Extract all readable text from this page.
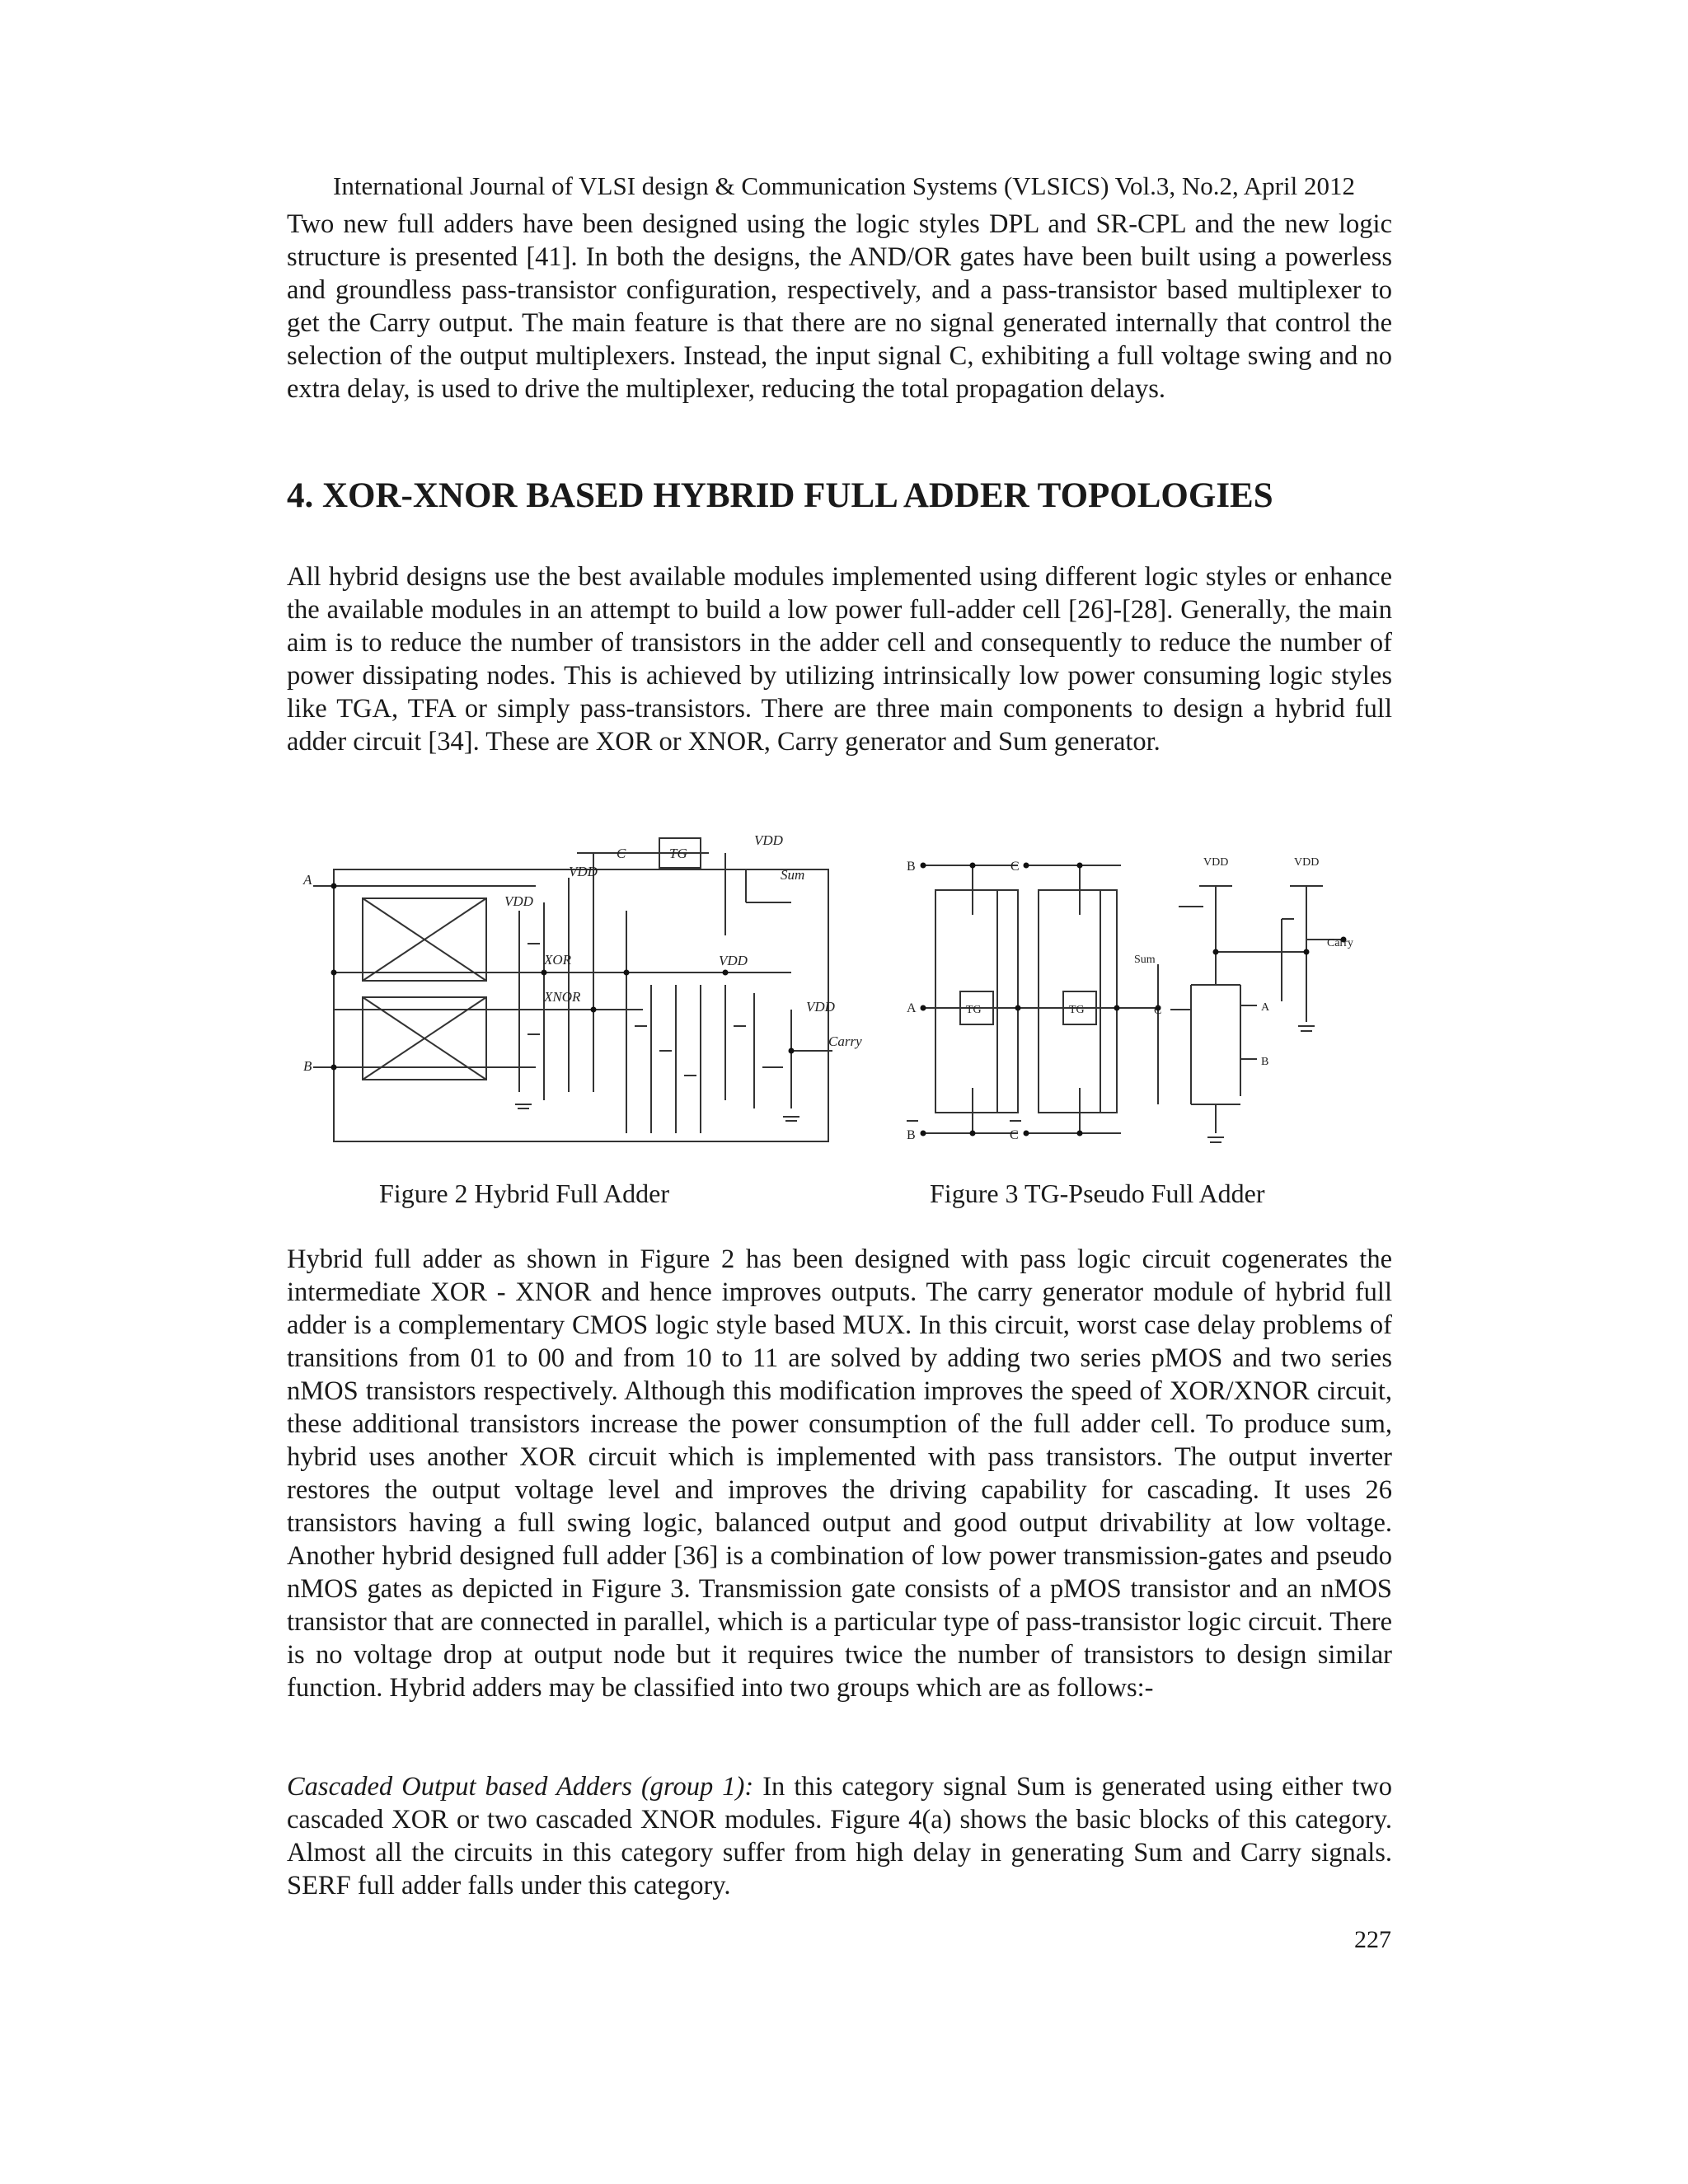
International Journal of VLSI design & Communication Systems (VLSICS) Vol.3, No.2, April 2012

Two new full adders have been designed using the logic styles DPL and SR-CPL and the new logic structure is presented [41]. In both the designs, the AND/OR gates have been built using a powerless and groundless pass-transistor configuration, respectively, and a pass-transistor based multiplexer to get the Carry output. The main feature is that there are no signal generated internally that control the selection of the output multiplexers. Instead, the input signal C, exhibiting a full voltage swing and no extra delay, is used to drive the multiplexer, reducing the total propagation delays.

4. XOR-XNOR BASED HYBRID FULL ADDER TOPOLOGIES

All hybrid designs use the best available modules implemented using different logic styles or enhance the available modules in an attempt to build a low power full-adder cell [26]-[28]. Generally, the main aim is to reduce the number of transistors in the adder cell and consequently to reduce the number of power dissipating nodes. This is achieved by utilizing intrinsically low power consuming logic styles like TGA, TFA or simply pass-transistors. There are three main components to design a hybrid full adder circuit [34]. These are XOR or XNOR, Carry generator and Sum generator.

A
B
C	TG
VDD
VDD
VDD
VDD
VDD
XOR
XNOR
Sum
Carry
B	C
A
B	C
TG	TG
Sum
VDD	VDD
Carry
C	A
B
Figure 2 Hybrid Full Adder	Figure 3 TG-Pseudo Full Adder

Hybrid full adder as shown in Figure 2 has been designed with pass logic circuit cogenerates the intermediate XOR - XNOR and hence improves outputs. The carry generator module of hybrid full adder is a complementary CMOS logic style based MUX. In this circuit, worst case delay problems of transitions from 01 to 00 and from 10 to 11 are solved by adding two series pMOS and two series nMOS transistors respectively. Although this modification improves the speed of XOR/XNOR circuit, these additional transistors increase the power consumption of the full adder cell. To produce sum, hybrid uses another XOR circuit which is implemented with pass transistors. The output inverter restores the output voltage level and improves the driving capability for cascading. It uses 26 transistors having a full swing logic, balanced output and good output drivability at low voltage. Another hybrid designed full adder [36] is a combination of low power transmission-gates and pseudo nMOS gates as depicted in Figure 3. Transmission gate consists of a pMOS transistor and an nMOS transistor that are connected in parallel, which is a particular type of pass-transistor logic circuit. There is no voltage drop at output node but it requires twice the number of transistors to design similar function. Hybrid adders may be classified into two groups which are as follows:-

Cascaded Output based Adders (group 1): In this category signal Sum is generated using either two cascaded XOR or two cascaded XNOR modules. Figure 4(a) shows the basic blocks of this category. Almost all the circuits in this category suffer from high delay in generating Sum and Carry signals. SERF full adder falls under this category.

227
